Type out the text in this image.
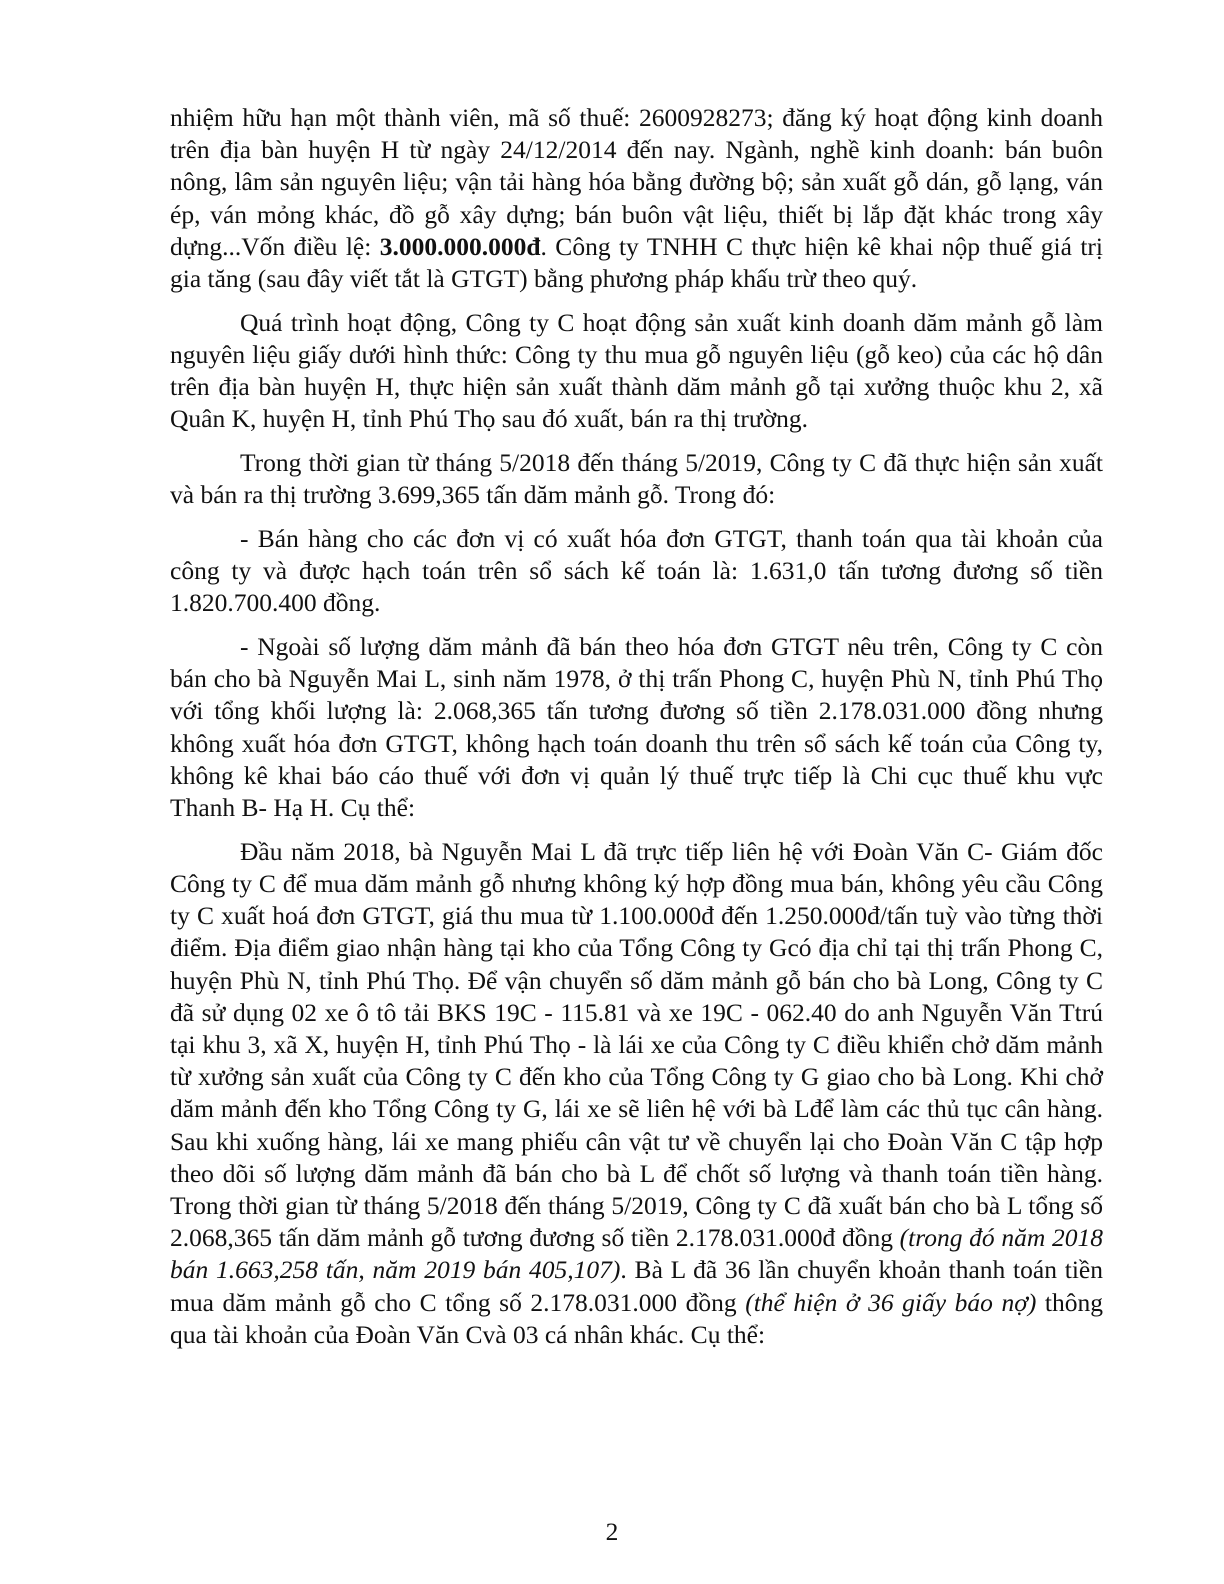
nhiệm hữu hạn một thành viên, mã số thuế: 2600928273; đăng ký hoạt động kinh doanh trên địa bàn huyện H từ ngày 24/12/2014 đến nay. Ngành, nghề kinh doanh: bán buôn nông, lâm sản nguyên liệu; vận tải hàng hóa bằng đường bộ; sản xuất gỗ dán, gỗ lạng, ván ép, ván mỏng khác, đồ gỗ xây dựng; bán buôn vật liệu, thiết bị lắp đặt khác trong xây dựng...Vốn điều lệ: 3.000.000.000đ. Công ty TNHH C thực hiện kê khai nộp thuế giá trị gia tăng (sau đây viết tắt là GTGT) bằng phương pháp khấu trừ theo quý.

Quá trình hoạt động, Công ty C hoạt động sản xuất kinh doanh dăm mảnh gỗ làm nguyên liệu giấy dưới hình thức: Công ty thu mua gỗ nguyên liệu (gỗ keo) của các hộ dân trên địa bàn huyện H, thực hiện sản xuất thành dăm mảnh gỗ tại xưởng thuộc khu 2, xã Quân K, huyện H, tỉnh Phú Thọ sau đó xuất, bán ra thị trường.

Trong thời gian từ tháng 5/2018 đến tháng 5/2019, Công ty C đã thực hiện sản xuất và bán ra thị trường 3.699,365 tấn dăm mảnh gỗ. Trong đó:

- Bán hàng cho các đơn vị có xuất hóa đơn GTGT, thanh toán qua tài khoản của công ty và được hạch toán trên sổ sách kế toán là: 1.631,0 tấn tương đương số tiền 1.820.700.400 đồng.

- Ngoài số lượng dăm mảnh đã bán theo hóa đơn GTGT nêu trên, Công ty C còn bán cho bà Nguyễn Mai L, sinh năm 1978, ở thị trấn Phong C, huyện Phù N, tỉnh Phú Thọ với tổng khối lượng là: 2.068,365 tấn tương đương số tiền 2.178.031.000 đồng nhưng không xuất hóa đơn GTGT, không hạch toán doanh thu trên sổ sách kế toán của Công ty, không kê khai báo cáo thuế với đơn vị quản lý thuế trực tiếp là Chi cục thuế khu vực Thanh B- Hạ H. Cụ thể:

Đầu năm 2018, bà Nguyễn Mai L đã trực tiếp liên hệ với Đoàn Văn C- Giám đốc Công ty C để mua dăm mảnh gỗ nhưng không ký hợp đồng mua bán, không yêu cầu Công ty C xuất hoá đơn GTGT, giá thu mua từ 1.100.000đ đến 1.250.000đ/tấn tuỳ vào từng thời điểm. Địa điểm giao nhận hàng tại kho của Tổng Công ty Gcó địa chỉ tại thị trấn Phong C, huyện Phù N, tỉnh Phú Thọ. Để vận chuyển số dăm mảnh gỗ bán cho bà Long, Công ty C đã sử dụng 02 xe ô tô tải BKS 19C - 115.81 và xe 19C - 062.40 do anh Nguyễn Văn Ttrú tại khu 3, xã X, huyện H, tỉnh Phú Thọ - là lái xe của Công ty C điều khiển chở dăm mảnh từ xưởng sản xuất của Công ty C đến kho của Tổng Công ty G giao cho bà Long. Khi chở dăm mảnh đến kho Tổng Công ty G, lái xe sẽ liên hệ với bà Lđể làm các thủ tục cân hàng. Sau khi xuống hàng, lái xe mang phiếu cân vật tư về chuyển lại cho Đoàn Văn C tập hợp theo dõi số lượng dăm mảnh đã bán cho bà L để chốt số lượng và thanh toán tiền hàng. Trong thời gian từ tháng 5/2018 đến tháng 5/2019, Công ty C đã xuất bán cho bà L tổng số 2.068,365 tấn dăm mảnh gỗ tương đương số tiền 2.178.031.000đ đồng (trong đó năm 2018 bán 1.663,258 tấn, năm 2019 bán 405,107). Bà L đã 36 lần chuyển khoản thanh toán tiền mua dăm mảnh gỗ cho C tổng số 2.178.031.000 đồng (thể hiện ở 36 giấy báo nợ) thông qua tài khoản của Đoàn Văn Cvà 03 cá nhân khác. Cụ thể:

2
